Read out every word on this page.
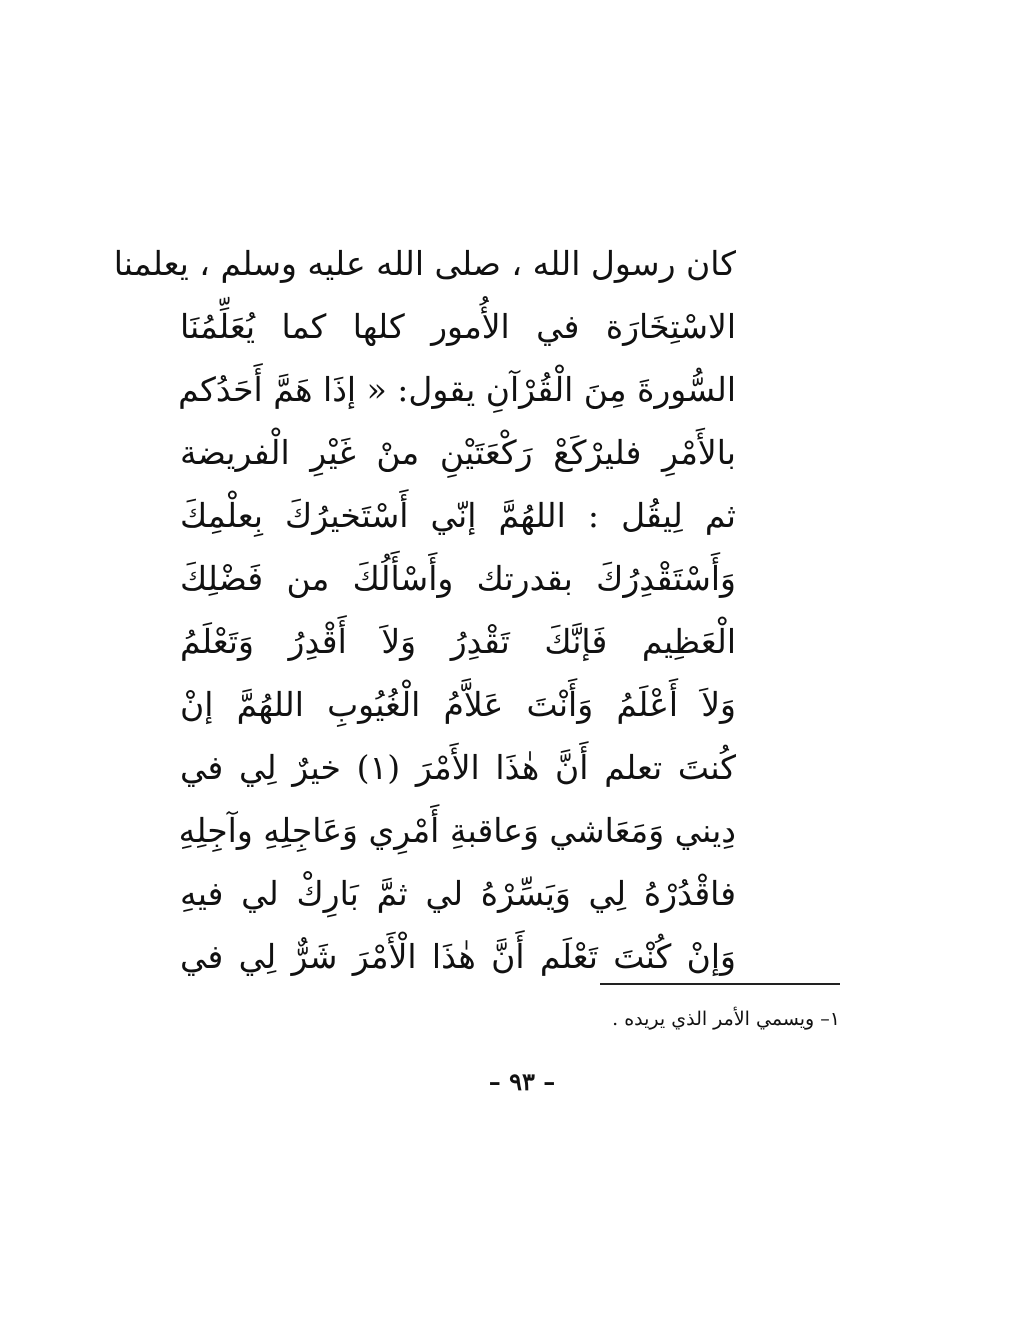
كان رسول الله ، صلى الله عليه وسلم ، يعلمنا
الاسْتِخَارَة في الأُمور كلها كما يُعَلِّمُنَا
السُّورةَ مِنَ الْقُرْآنِ يقول: « إذَا هَمَّ أَحَدُكم
بالأَمْرِ فليرْكَعْ رَكْعَتَيْنِ منْ غَيْرِ الْفريضة
ثم لِيقُل : اللهُمَّ إنّي أَسْتَخيرُكَ بِعلْمِكَ
وَأَسْتَقْدِرُكَ بقدرتك وأَسْأَلُكَ من فَضْلِكَ
الْعَظِيم فَإنَّكَ تَقْدِرُ وَلاَ أَقْدِرُ وَتَعْلَمُ
وَلاَ أَعْلَمُ وَأَنْتَ عَلاَّمُ الْغُيُوبِ اللهُمَّ إنْ
كُنتَ تعلم أَنَّ هٰذَا الأَمْرَ (١) خيرٌ لِي في
دِيني وَمَعَاشي وَعاقبةِ أَمْرِي وَعَاجِلِهِ وآجِلِهِ
فاقْدُرْهُ لِي وَيَسِّرْهُ لي ثمَّ بَارِكْ لي فيهِ
وَإنْ كُنْتَ تَعْلَم أَنَّ هٰذَا الْأَمْرَ شَرٌّ لِي في
١– ويسمي الأمر الذي يريده .
– ٩٣ –
